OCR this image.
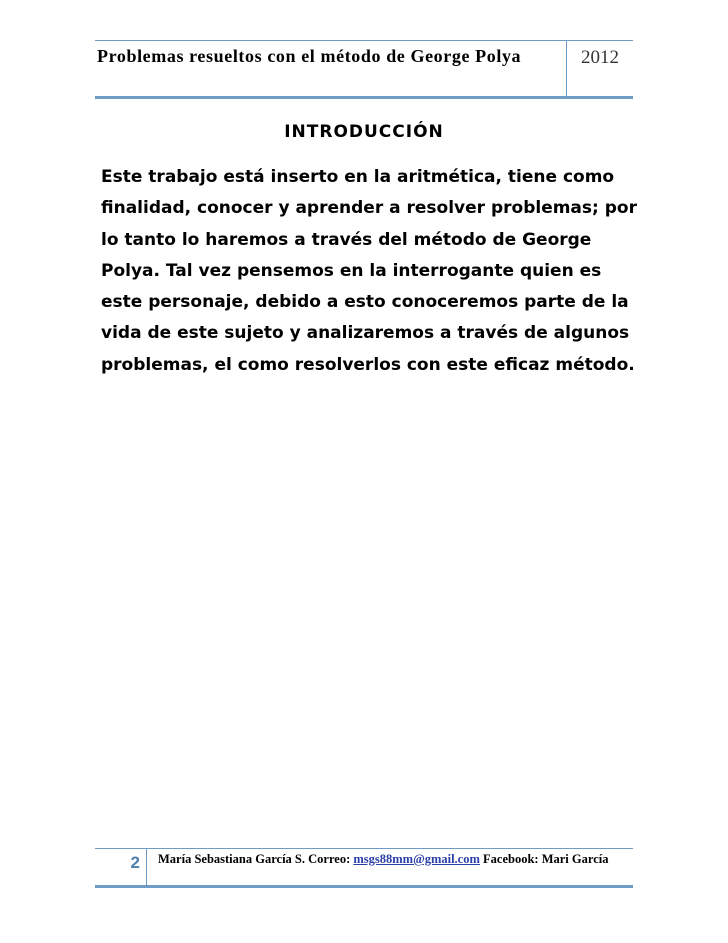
Problemas resueltos con el método de George Polya	2012
INTRODUCCIÓN
Este trabajo está inserto en la aritmética, tiene como finalidad, conocer y aprender a resolver problemas; por lo tanto lo haremos a través del método de George Polya. Tal vez pensemos en la interrogante quien es este personaje, debido a esto conoceremos parte de la vida de este sujeto y analizaremos a través de algunos problemas, el como resolverlos con este eficaz método.
2	María Sebastiana García S. Correo: msgs88mm@gmail.com Facebook: Mari García
